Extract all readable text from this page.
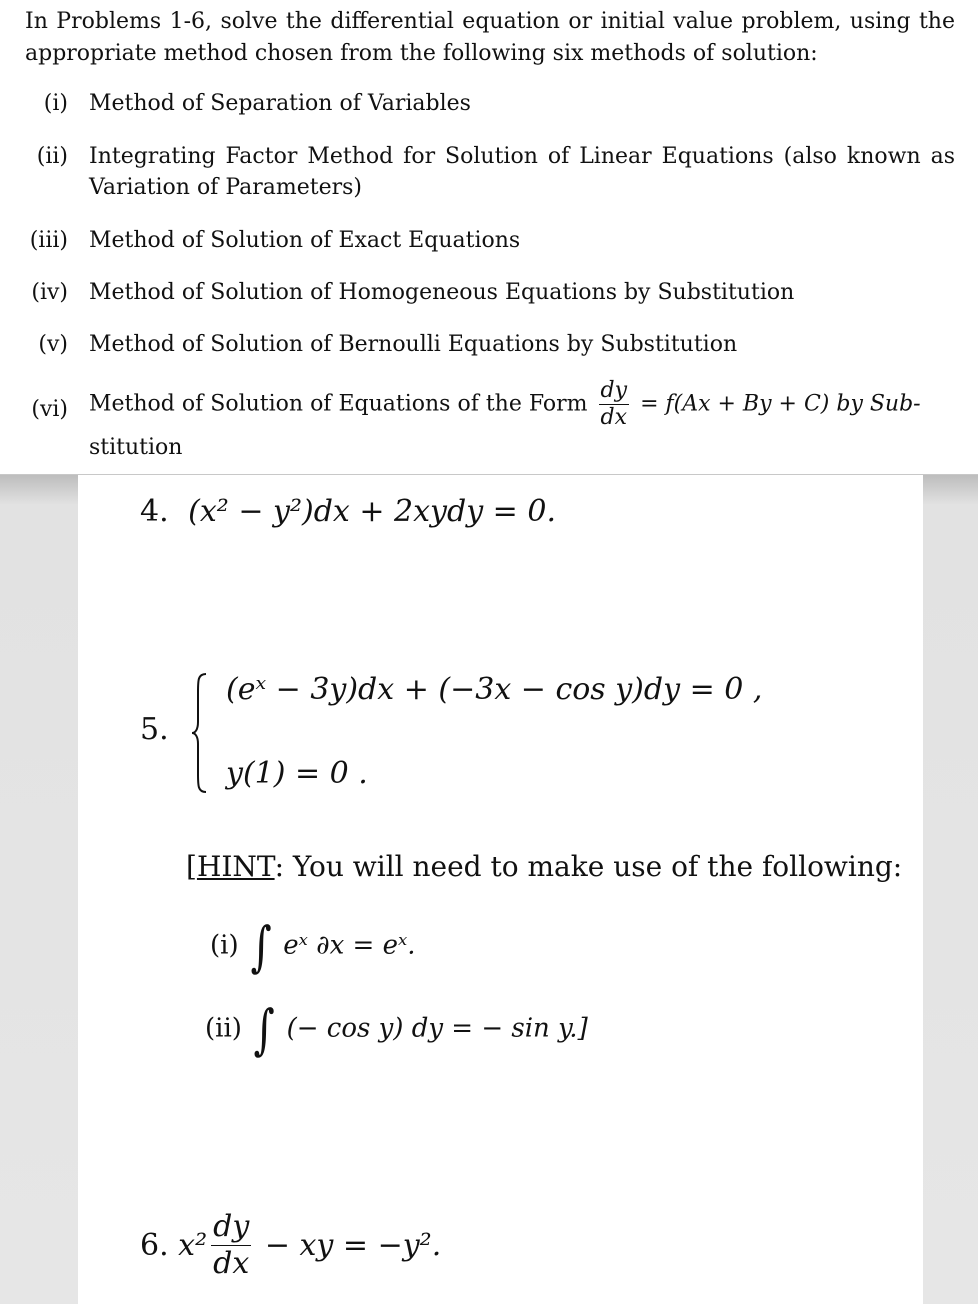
In Problems 1-6, solve the differential equation or initial value problem, using the appropriate method chosen from the following six methods of solution:
(i) Method of Separation of Variables
(ii) Integrating Factor Method for Solution of Linear Equations (also known as Variation of Parameters)
(iii) Method of Solution of Exact Equations
(iv) Method of Solution of Homogeneous Equations by Substitution
(v) Method of Solution of Bernoulli Equations by Substitution
(vi) Method of Solution of Equations of the Form $\frac{dy}{dx} = f(Ax + By + C)$ by Sub-
stitution
4. (x² − y²)dx + 2xydy = 0.
5.
(eˣ − 3y)dx + (−3x − cos y)dy = 0 ,
y(1) = 0 .
[HINT: You will need to make use of the following:
(i) ∫ eˣ ∂x = eˣ.
(ii) ∫ (− cos y) dy = − sin y.]
6. $x^2 \frac{dy}{dx}$ − xy = −y².
